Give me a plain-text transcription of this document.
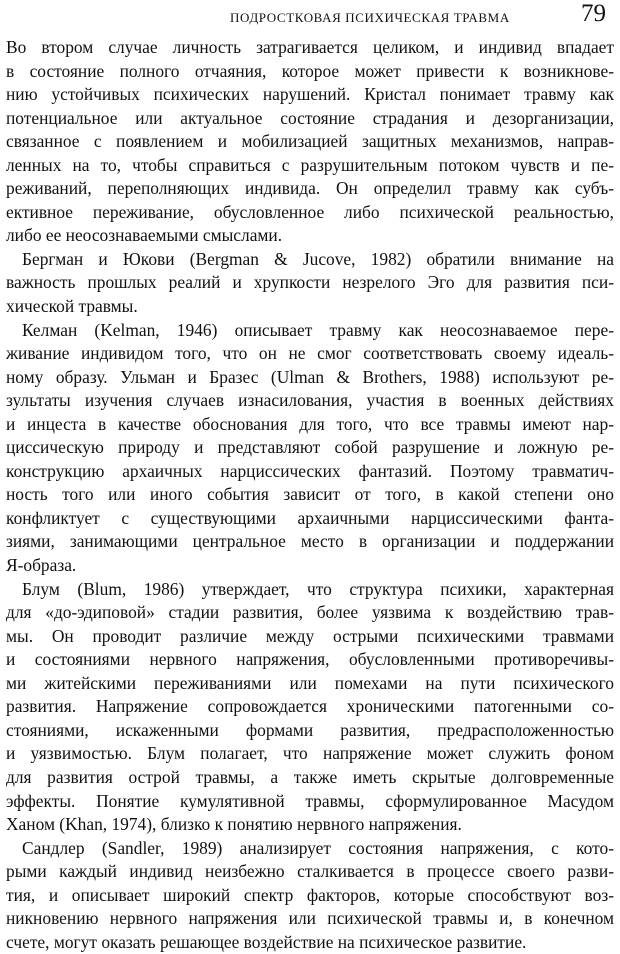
ПОДРОСТКОВАЯ ПСИХИЧЕСКАЯ ТРАВМА	79
Во втором случае личность затрагивается целиком, и индивид впадает
в состояние полного отчаяния, которое может привести к возникнове-
нию устойчивых психических нарушений. Кристал понимает травму как
потенциальное или актуальное состояние страдания и дезорганизации,
связанное с появлением и мобилизацией защитных механизмов, направ-
ленных на то, чтобы справиться с разрушительным потоком чувств и пе-
реживаний, переполняющих индивида. Он определил травму как субъ-
ективное переживание, обусловленное либо психической реальностью,
либо ее неосознаваемыми смыслами.
Бергман и Юкови (Bergman & Jucove, 1982) обратили внимание на
важность прошлых реалий и хрупкости незрелого Эго для развития пси-
хической травмы.
Келман (Kelman, 1946) описывает травму как неосознаваемое пере-
живание индивидом того, что он не смог соответствовать своему идеаль-
ному образу. Ульман и Бразес (Ulman & Brothers, 1988) используют ре-
зультаты изучения случаев изнасилования, участия в военных действиях
и инцеста в качестве обоснования для того, что все травмы имеют нар-
циссическую природу и представляют собой разрушение и ложную ре-
конструкцию архаичных нарциссических фантазий. Поэтому травматич-
ность того или иного события зависит от того, в какой степени оно
конфликтует с существующими архаичными нарциссическими фанта-
зиями, занимающими центральное место в организации и поддержании
Я-образа.
Блум (Blum, 1986) утверждает, что структура психики, характерная
для «до-эдиповой» стадии развития, более уязвима к воздействию трав-
мы. Он проводит различие между острыми психическими травмами
и состояниями нервного напряжения, обусловленными противоречивы-
ми житейскими переживаниями или помехами на пути психического
развития. Напряжение сопровождается хроническими патогенными со-
стояниями, искаженными формами развития, предрасположенностью
и уязвимостью. Блум полагает, что напряжение может служить фоном
для развития острой травмы, а также иметь скрытые долговременные
эффекты. Понятие кумулятивной травмы, сформулированное Масудом
Ханом (Khan, 1974), близко к понятию нервного напряжения.
Сандлер (Sandler, 1989) анализирует состояния напряжения, с кото-
рыми каждый индивид неизбежно сталкивается в процессе своего разви-
тия, и описывает широкий спектр факторов, которые способствуют воз-
никновению нервного напряжения или психической травмы и, в конечном
счете, могут оказать решающее воздействие на психическое развитие.
